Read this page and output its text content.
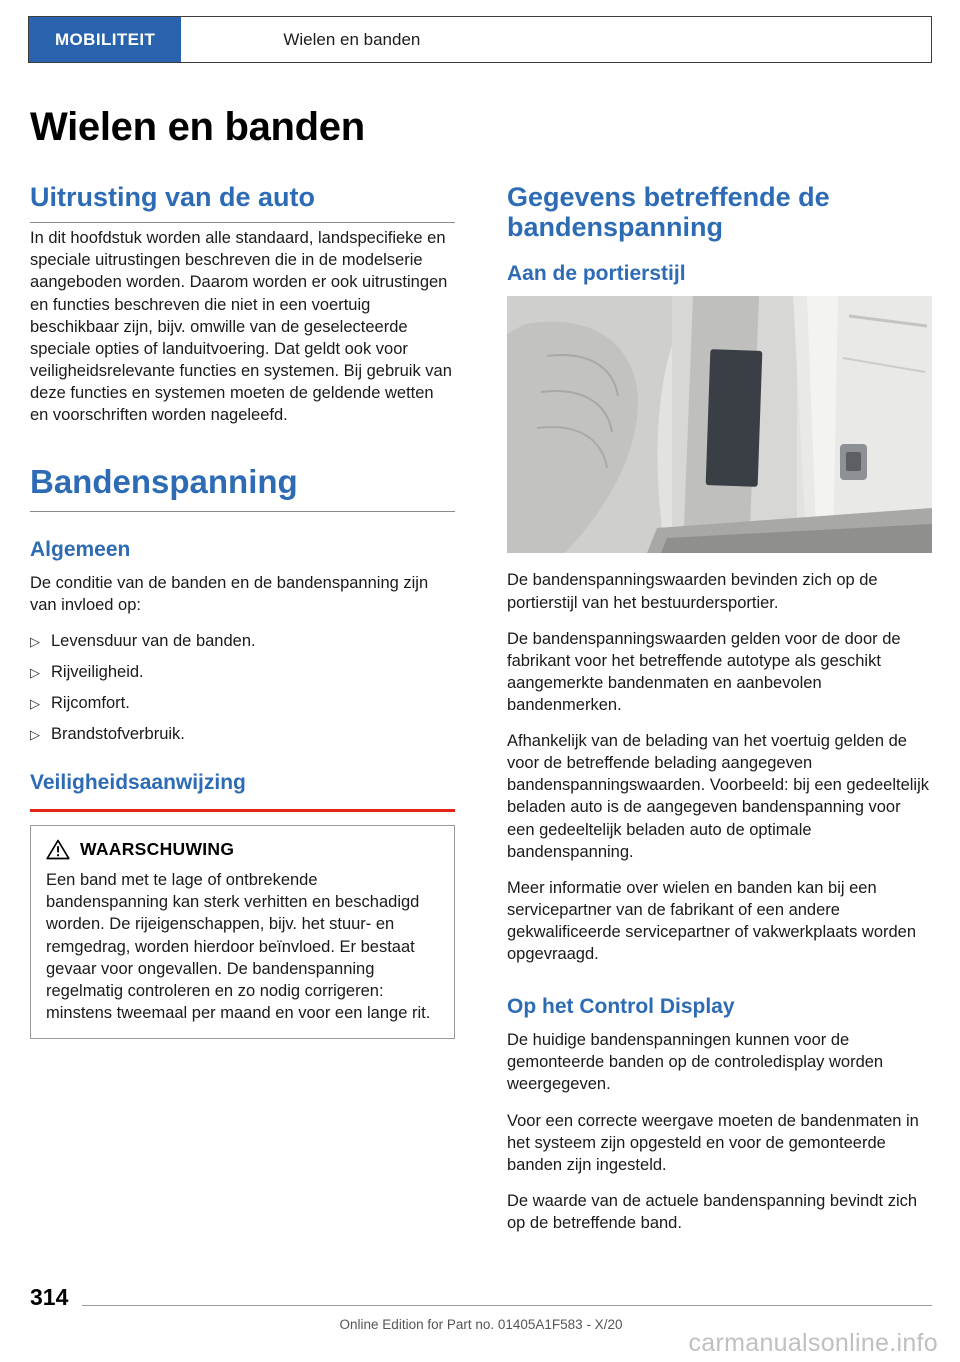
MOBILITEIT	Wielen en banden
Wielen en banden
Uitrusting van de auto

In dit hoofdstuk worden alle standaard, landspecifieke en speciale uitrustingen beschreven die in de modelserie aangeboden worden. Daarom worden er ook uitrustingen en functies beschreven die niet in een voertuig beschikbaar zijn, bijv. omwille van de geselecteerde speciale opties of landuitvoering. Dat geldt ook voor veiligheidsrelevante functies en systemen. Bij gebruik van deze functies en systemen moeten de geldende wetten en voorschriften worden nageleefd.

Bandenspanning
Algemeen

De conditie van de banden en de bandenspanning zijn van invloed op:

▷ Levensduur van de banden.
▷ Rijveiligheid.
▷ Rijcomfort.
▷ Brandstofverbruik.
Veiligheidsaanwijzing
WAARSCHUWING

Een band met te lage of ontbrekende bandenspanning kan sterk verhitten en beschadigd worden. De rijeigenschappen, bijv. het stuur- en remgedrag, worden hierdoor beïnvloed. Er bestaat gevaar voor ongevallen. De bandenspanning regelmatig controleren en zo nodig corrigeren: minstens tweemaal per maand en voor een lange rit.

Gegevens betreffende de bandenspanning
Aan de portierstijl

De bandenspanningswaarden bevinden zich op de portierstijl van het bestuurdersportier.

De bandenspanningswaarden gelden voor de door de fabrikant voor het betreffende autotype als geschikt aangemerkte bandenmaten en aanbevolen bandenmerken.

Afhankelijk van de belading van het voertuig gelden de voor de betreffende belading aangegeven bandenspanningswaarden. Voorbeeld: bij een gedeeltelijk beladen auto is de aangegeven bandenspanning voor een gedeeltelijk beladen auto de optimale bandenspanning.

Meer informatie over wielen en banden kan bij een servicepartner van de fabrikant of een andere gekwalificeerde servicepartner of vakwerkplaats worden opgevraagd.

Op het Control Display

De huidige bandenspanningen kunnen voor de gemonteerde banden op de controledisplay worden weergegeven.

Voor een correcte weergave moeten de bandenmaten in het systeem zijn opgesteld en voor de gemonteerde banden zijn ingesteld.

De waarde van de actuele bandenspanning bevindt zich op de betreffende band.

314
Online Edition for Part no. 01405A1F583 - X/20
carmanualsonline.info
